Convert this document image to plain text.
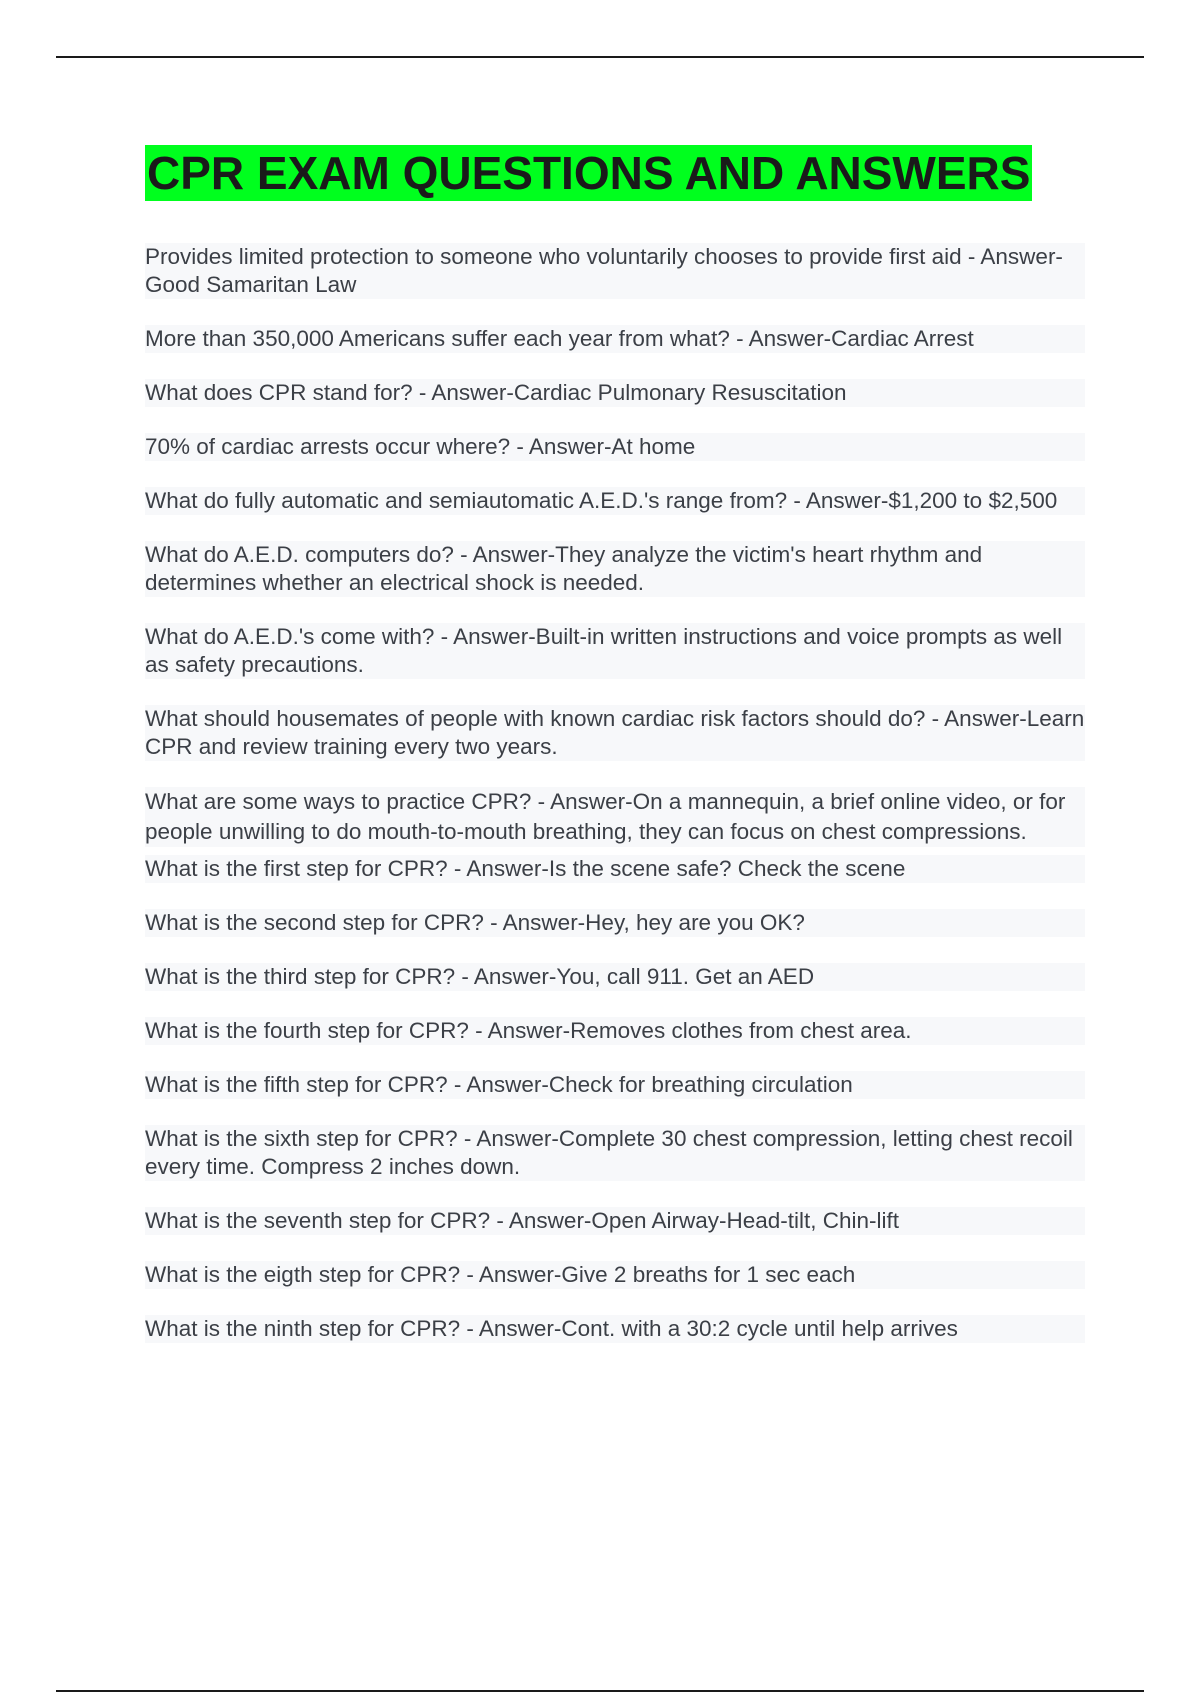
CPR EXAM QUESTIONS AND ANSWERS

Provides limited protection to someone who voluntarily chooses to provide first aid - Answer-Good Samaritan Law

More than 350,000 Americans suffer each year from what? - Answer-Cardiac Arrest

What does CPR stand for? - Answer-Cardiac Pulmonary Resuscitation

70% of cardiac arrests occur where? - Answer-At home

What do fully automatic and semiautomatic A.E.D.'s range from? - Answer-$1,200 to $2,500

What do A.E.D. computers do? - Answer-They analyze the victim's heart rhythm and determines whether an electrical shock is needed.

What do A.E.D.'s come with? - Answer-Built-in written instructions and voice prompts as well as safety precautions.

What should housemates of people with known cardiac risk factors should do? - Answer-Learn CPR and review training every two years.

What are some ways to practice CPR? - Answer-On a mannequin, a brief online video, or for people unwilling to do mouth-to-mouth breathing, they can focus on chest compressions.

What is the first step for CPR? - Answer-Is the scene safe? Check the scene

What is the second step for CPR? - Answer-Hey, hey are you OK?

What is the third step for CPR? - Answer-You, call 911. Get an AED

What is the fourth step for CPR? - Answer-Removes clothes from chest area.

What is the fifth step for CPR? - Answer-Check for breathing circulation

What is the sixth step for CPR? - Answer-Complete 30 chest compression, letting chest recoil every time. Compress 2 inches down.

What is the seventh step for CPR? - Answer-Open Airway-Head-tilt, Chin-lift

What is the eigth step for CPR? - Answer-Give 2 breaths for 1 sec each

What is the ninth step for CPR? - Answer-Cont. with a 30:2 cycle until help arrives
